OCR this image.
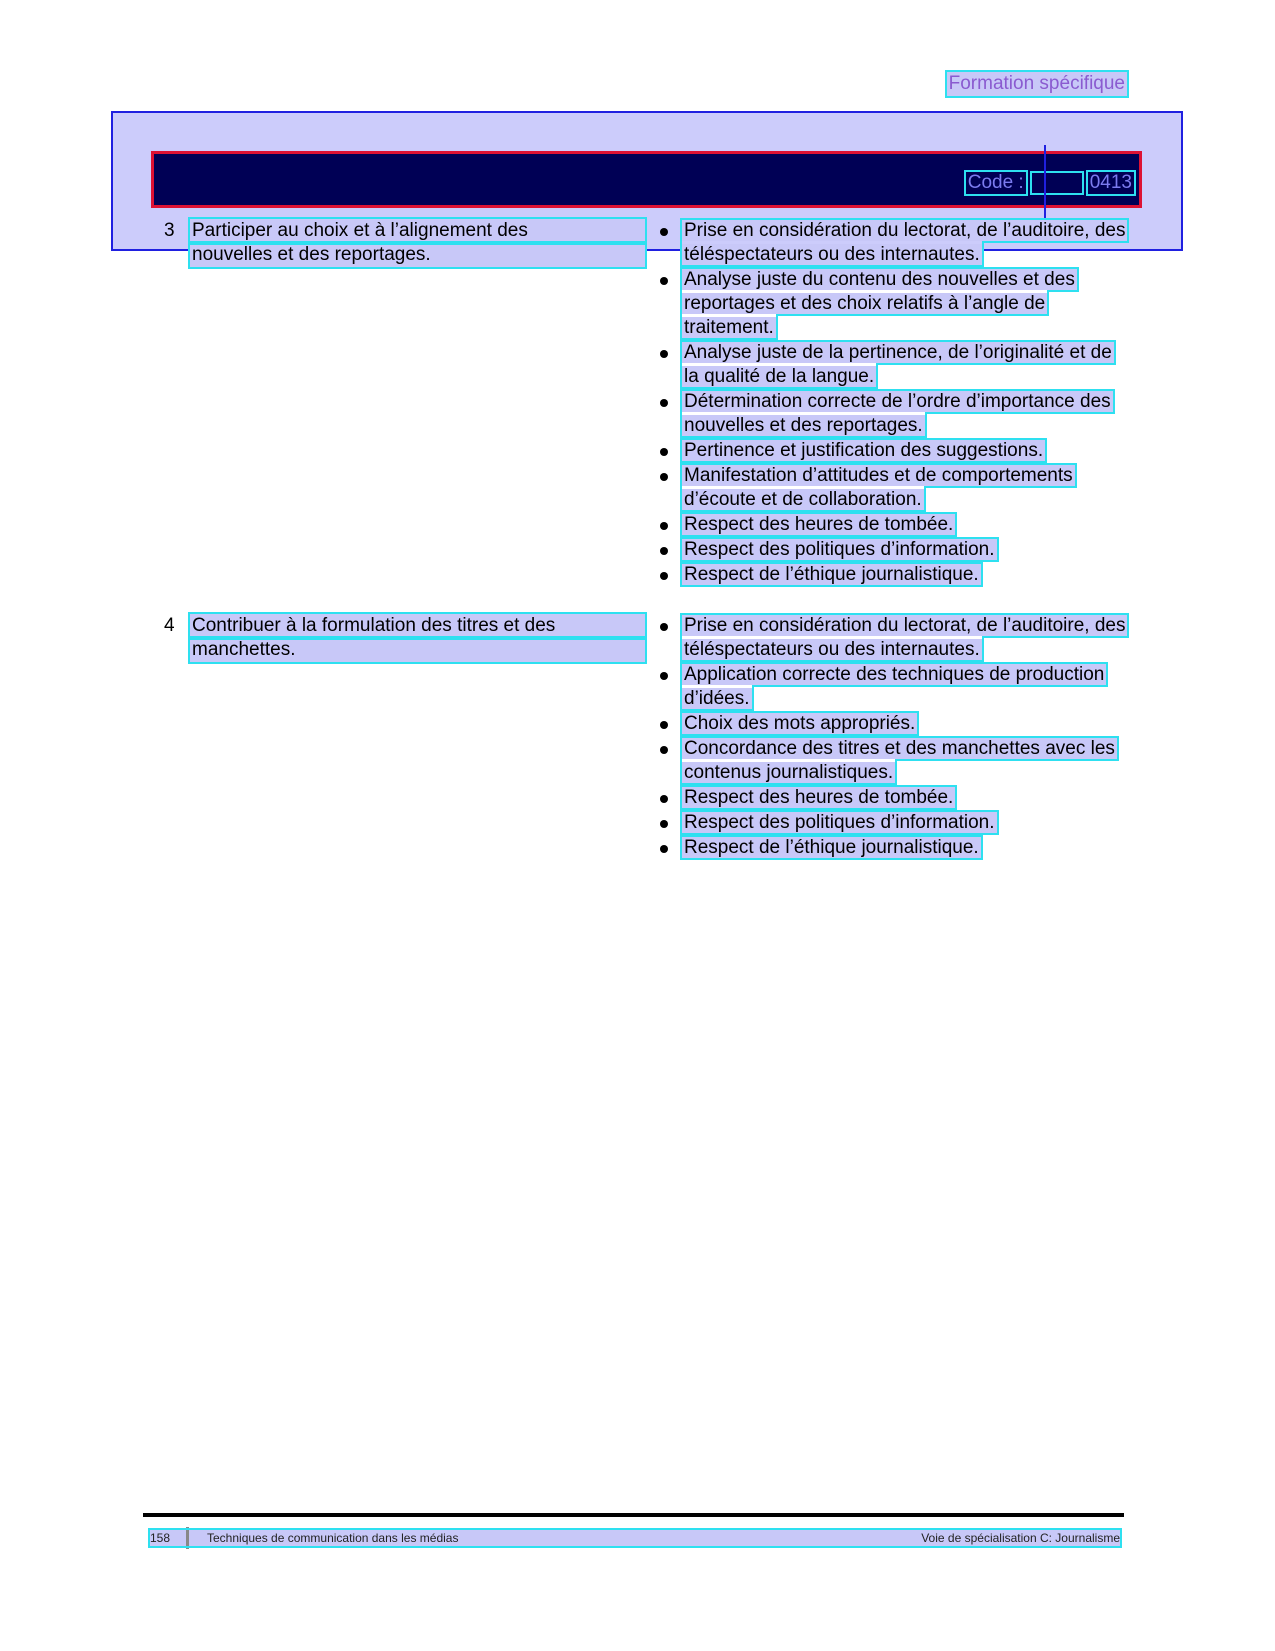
Formation spécifique
Code :	0413
3 Participer au choix et à l’alignement des
nouvelles et des reportages.
Prise en considération du lectorat, de l’auditoire, des téléspectateurs ou des internautes.
Analyse juste du contenu des nouvelles et des reportages et des choix relatifs à l’angle de traitement.
Analyse juste de la pertinence, de l’originalité et de la qualité de la langue.
Détermination correcte de l’ordre d’importance des nouvelles et des reportages.
Pertinence et justification des suggestions.
Manifestation d’attitudes et de comportements d’écoute et de collaboration.
Respect des heures de tombée.
Respect des politiques d’information.
Respect de l’éthique journalistique.
4 Contribuer à la formulation des titres et des
manchettes.
Prise en considération du lectorat, de l’auditoire, des téléspectateurs ou des internautes.
Application correcte des techniques de production d’idées.
Choix des mots appropriés.
Concordance des titres et des manchettes avec les contenus journalistiques.
Respect des heures de tombée.
Respect des politiques d’information.
Respect de l’éthique journalistique.
158	Techniques de communication dans les médias	Voie de spécialisation C: Journalisme
